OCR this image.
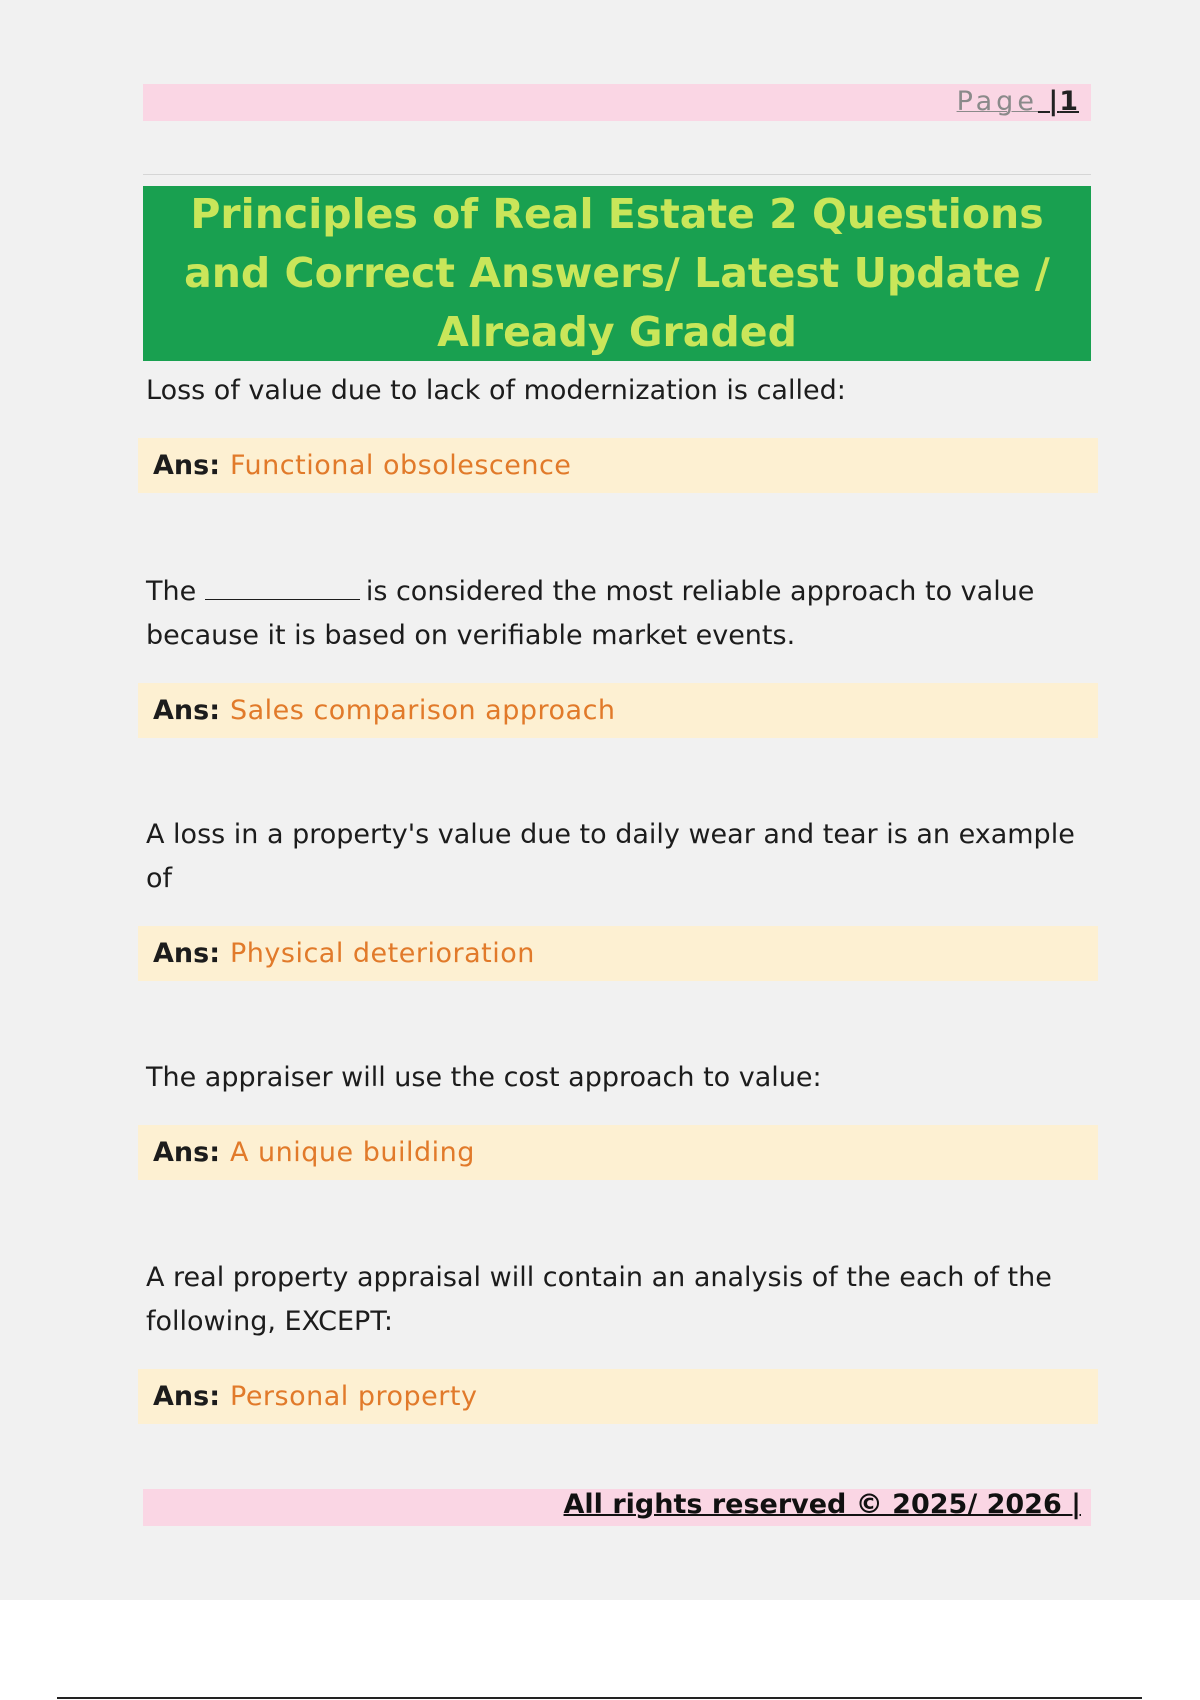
Page |1
Principles of Real Estate 2 Questions and Correct Answers/ Latest Update / Already Graded
Loss of value due to lack of modernization is called:
Ans: Functional obsolescence
The	is considered the most reliable approach to value because it is based on verifiable market events.
Ans: Sales comparison approach
A loss in a property's value due to daily wear and tear is an example of
Ans: Physical deterioration
The appraiser will use the cost approach to value:
Ans: A unique building
A real property appraisal will contain an analysis of the each of the following, EXCEPT:
Ans: Personal property
All rights reserved © 2025/ 2026 |
